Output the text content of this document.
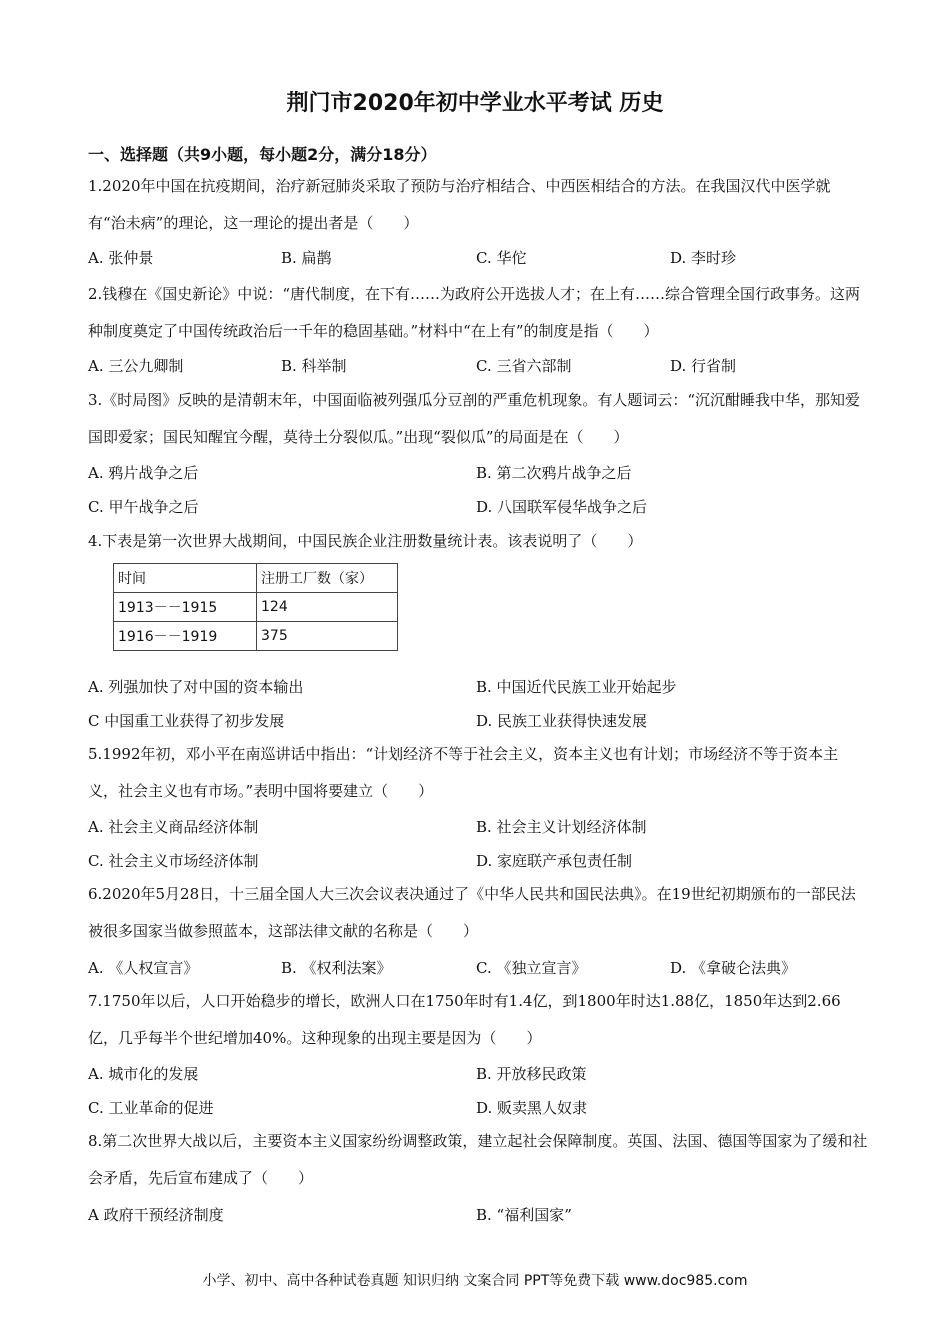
荆门市2020年初中学业水平考试 历史
一、选择题（共9小题，每小题2分，满分18分）

1.2020年中国在抗疫期间，治疗新冠肺炎采取了预防与治疗相结合、中西医相结合的方法。在我国汉代中医学就有“治未病”的理论，这一理论的提出者是（　　）

A. 张仲景	B. 扁鹊	C. 华佗	D. 李时珍

2.钱穆在《国史新论》中说：“唐代制度，在下有……为政府公开选拔人才；在上有……综合管理全国行政事务。这两种制度奠定了中国传统政治后一千年的稳固基础。”材料中“在上有”的制度是指（　　）

A. 三公九卿制	B. 科举制	C. 三省六部制	D. 行省制

3.《时局图》反映的是清朝末年，中国面临被列强瓜分豆剖的严重危机现象。有人题词云：“沉沉酣睡我中华，那知爱国即爱家；国民知醒宜今醒，莫待土分裂似瓜。”出现“裂似瓜”的局面是在（　　）

A. 鸦片战争之后	B. 第二次鸦片战争之后
C. 甲午战争之后	D. 八国联军侵华战争之后

4.下表是第一次世界大战期间，中国民族企业注册数量统计表。该表说明了（　　）

时间	注册工厂数（家）
1913－－1915	124
1916－－1919	375
A. 列强加快了对中国的资本输出	B. 中国近代民族工业开始起步
C 中国重工业获得了初步发展	D. 民族工业获得快速发展

5.1992年初，邓小平在南巡讲话中指出：“计划经济不等于社会主义，资本主义也有计划；市场经济不等于资本主义，社会主义也有市场。”表明中国将要建立（　　）

A. 社会主义商品经济体制	B. 社会主义计划经济体制
C. 社会主义市场经济体制	D. 家庭联产承包责任制

6.2020年5月28日，十三届全国人大三次会议表决通过了《中华人民共和国民法典》。在19世纪初期颁布的一部民法被很多国家当做参照蓝本，这部法律文献的名称是（　　）

A. 《人权宣言》	B. 《权利法案》	C. 《独立宣言》	D. 《拿破仑法典》

7.1750年以后，人口开始稳步的增长，欧洲人口在1750年时有1.4亿，到1800年时达1.88亿，1850年达到2.66亿，几乎每半个世纪增加40%。这种现象的出现主要是因为（　　）

A. 城市化的发展	B. 开放移民政策
C. 工业革命的促进	D. 贩卖黑人奴隶

8.第二次世界大战以后，主要资本主义国家纷纷调整政策，建立起社会保障制度。英国、法国、德国等国家为了缓和社会矛盾，先后宣布建成了（　　）

A 政府干预经济制度	B. “福利国家”
小学、初中、高中各种试卷真题 知识归纳 文案合同 PPT等免费下载 www.doc985.com
